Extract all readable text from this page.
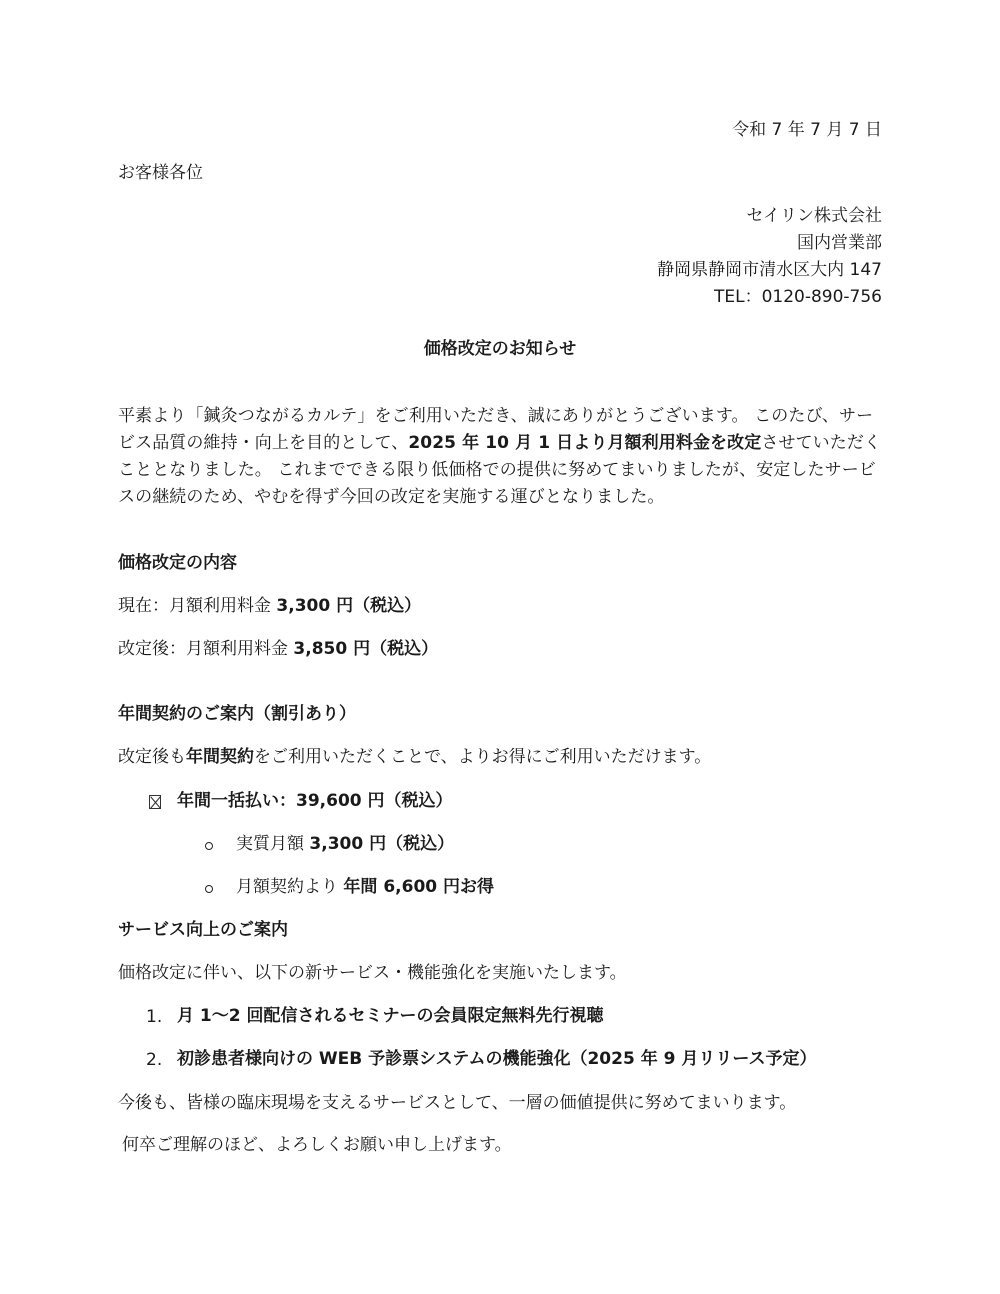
令和 7 年 7 月 7 日
お客様各位
セイリン株式会社
国内営業部
静岡県静岡市清水区大内 147
TEL：0120-890-756
価格改定のお知らせ
平素より「鍼灸つながるカルテ」をご利用いただき、誠にありがとうございます。 このたび、サービス品質の維持・向上を目的として、2025 年 10 月 1 日より月額利用料金を改定させていただくこととなりました。 これまでできる限り低価格での提供に努めてまいりましたが、安定したサービスの継続のため、やむを得ず今回の改定を実施する運びとなりました。
価格改定の内容
現在：月額利用料金 3,300 円（税込）
改定後：月額利用料金 3,850 円（税込）
年間契約のご案内（割引あり）
改定後も年間契約をご利用いただくことで、よりお得にご利用いただけます。
年間一括払い：39,600 円（税込）
実質月額 3,300 円（税込）
月額契約より 年間 6,600 円お得
サービス向上のご案内
価格改定に伴い、以下の新サービス・機能強化を実施いたします。
1. 月 1～2 回配信されるセミナーの会員限定無料先行視聴
2. 初診患者様向けの WEB 予診票システムの機能強化（2025 年 9 月リリース予定）
今後も、皆様の臨床現場を支えるサービスとして、一層の価値提供に努めてまいります。
何卒ご理解のほど、よろしくお願い申し上げます。
